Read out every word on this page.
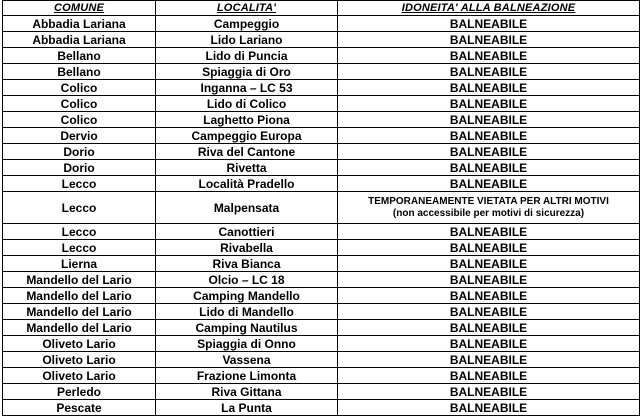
COMUNE	LOCALITA'	IDONEITA' ALLA BALNEAZIONE
Abbadia Lariana	Campeggio	BALNEABILE
Abbadia Lariana	Lido Lariano	BALNEABILE
Bellano	Lido di Puncia	BALNEABILE
Bellano	Spiaggia di Oro	BALNEABILE
Colico	Inganna – LC 53	BALNEABILE
Colico	Lido di Colico	BALNEABILE
Colico	Laghetto Piona	BALNEABILE
Dervio	Campeggio Europa	BALNEABILE
Dorio	Riva del Cantone	BALNEABILE
Dorio	Rivetta	BALNEABILE
Lecco	Località Pradello	BALNEABILE
Lecco	Malpensata	TEMPORANEAMENTE VIETATA PER ALTRI MOTIVI
(non accessibile per motivi di sicurezza)

Lecco	Canottieri	BALNEABILE
Lecco	Rivabella	BALNEABILE
Lierna	Riva Bianca	BALNEABILE
Mandello del Lario	Olcio – LC 18	BALNEABILE
Mandello del Lario	Camping Mandello	BALNEABILE
Mandello del Lario	Lido di Mandello	BALNEABILE
Mandello del Lario	Camping Nautilus	BALNEABILE
Oliveto Lario	Spiaggia di Onno	BALNEABILE
Oliveto Lario	Vassena	BALNEABILE
Oliveto Lario	Frazione Limonta	BALNEABILE
Perledo	Riva Gittana	BALNEABILE
Pescate	La Punta	BALNEABILE
